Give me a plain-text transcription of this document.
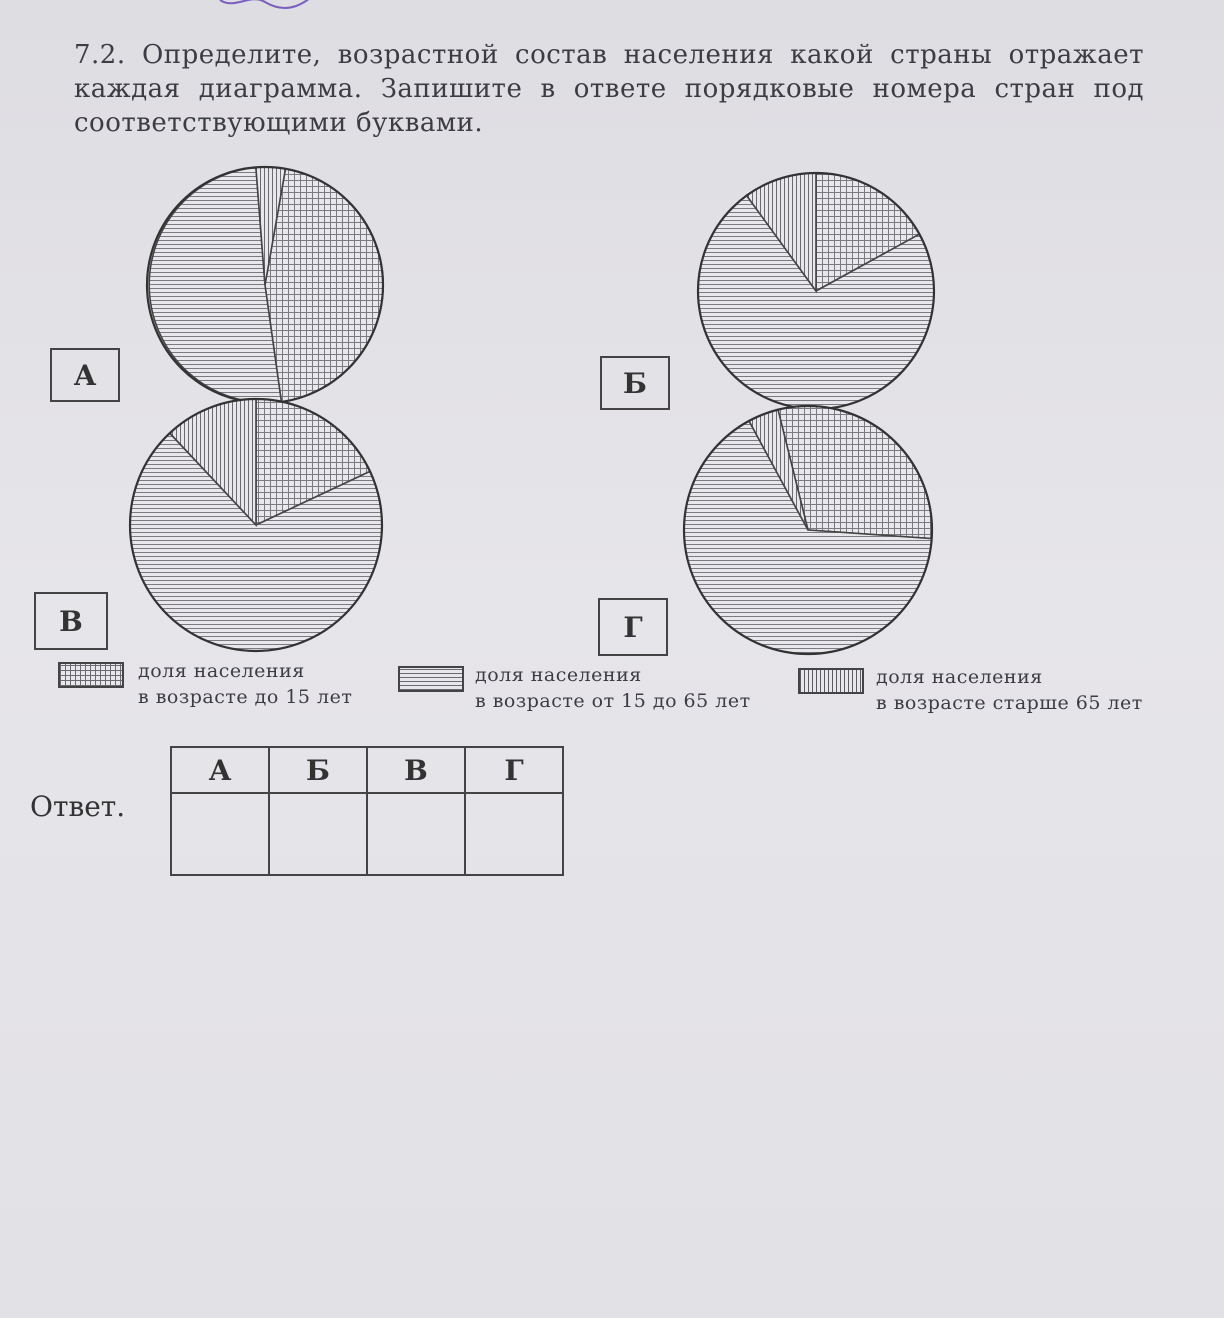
7.2. Определите, возрастной состав населения какой страны отражает каждая диаграмма. Запишите в ответе порядковые номера стран под соответствующими буквами.
А	Б
В	Г
доля населения
в возрасте до 15 лет
доля населения
в возрасте от 15 до 65 лет
доля населения
в возрасте старше 65 лет
Ответ.
А	Б	В	Г
